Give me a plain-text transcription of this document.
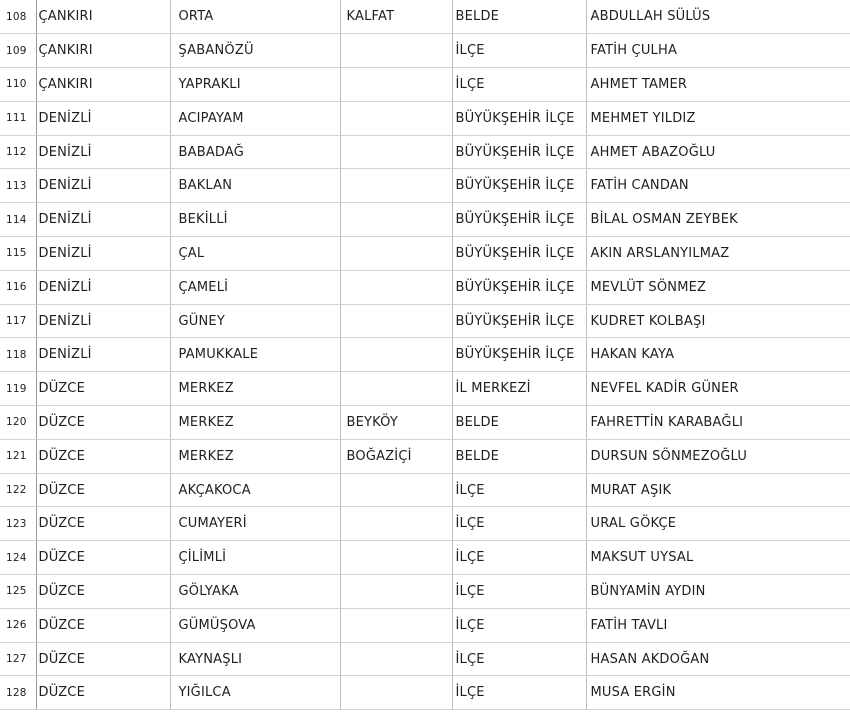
108	ÇANKIRI	ORTA	KALFAT	BELDE	ABDULLAH SÜLÜS
109	ÇANKIRI	ŞABANÖZÜ		İLÇE	FATİH ÇULHA
110	ÇANKIRI	YAPRAKLI		İLÇE	AHMET TAMER
111	DENİZLİ	ACIPAYAM		BÜYÜKŞEHİR İLÇE	MEHMET YILDIZ
112	DENİZLİ	BABADAĞ		BÜYÜKŞEHİR İLÇE	AHMET ABAZOĞLU
113	DENİZLİ	BAKLAN		BÜYÜKŞEHİR İLÇE	FATİH CANDAN
114	DENİZLİ	BEKİLLİ		BÜYÜKŞEHİR İLÇE	BİLAL OSMAN ZEYBEK
115	DENİZLİ	ÇAL		BÜYÜKŞEHİR İLÇE	AKIN ARSLANYILMAZ
116	DENİZLİ	ÇAMELİ		BÜYÜKŞEHİR İLÇE	MEVLÜT SÖNMEZ
117	DENİZLİ	GÜNEY		BÜYÜKŞEHİR İLÇE	KUDRET KOLBAŞI
118	DENİZLİ	PAMUKKALE		BÜYÜKŞEHİR İLÇE	HAKAN KAYA
119	DÜZCE	MERKEZ		İL MERKEZİ	NEVFEL KADİR GÜNER
120	DÜZCE	MERKEZ	BEYKÖY	BELDE	FAHRETTİN KARABAĞLI
121	DÜZCE	MERKEZ	BOĞAZİÇİ	BELDE	DURSUN SÖNMEZOĞLU
122	DÜZCE	AKÇAKOCA		İLÇE	MURAT AŞIK
123	DÜZCE	CUMAYERİ		İLÇE	URAL GÖKÇE
124	DÜZCE	ÇİLİMLİ		İLÇE	MAKSUT UYSAL
125	DÜZCE	GÖLYAKA		İLÇE	BÜNYAMİN AYDIN
126	DÜZCE	GÜMÜŞOVA		İLÇE	FATİH TAVLI
127	DÜZCE	KAYNAŞLI		İLÇE	HASAN AKDOĞAN
128	DÜZCE	YIĞILCA		İLÇE	MUSA ERGİN
